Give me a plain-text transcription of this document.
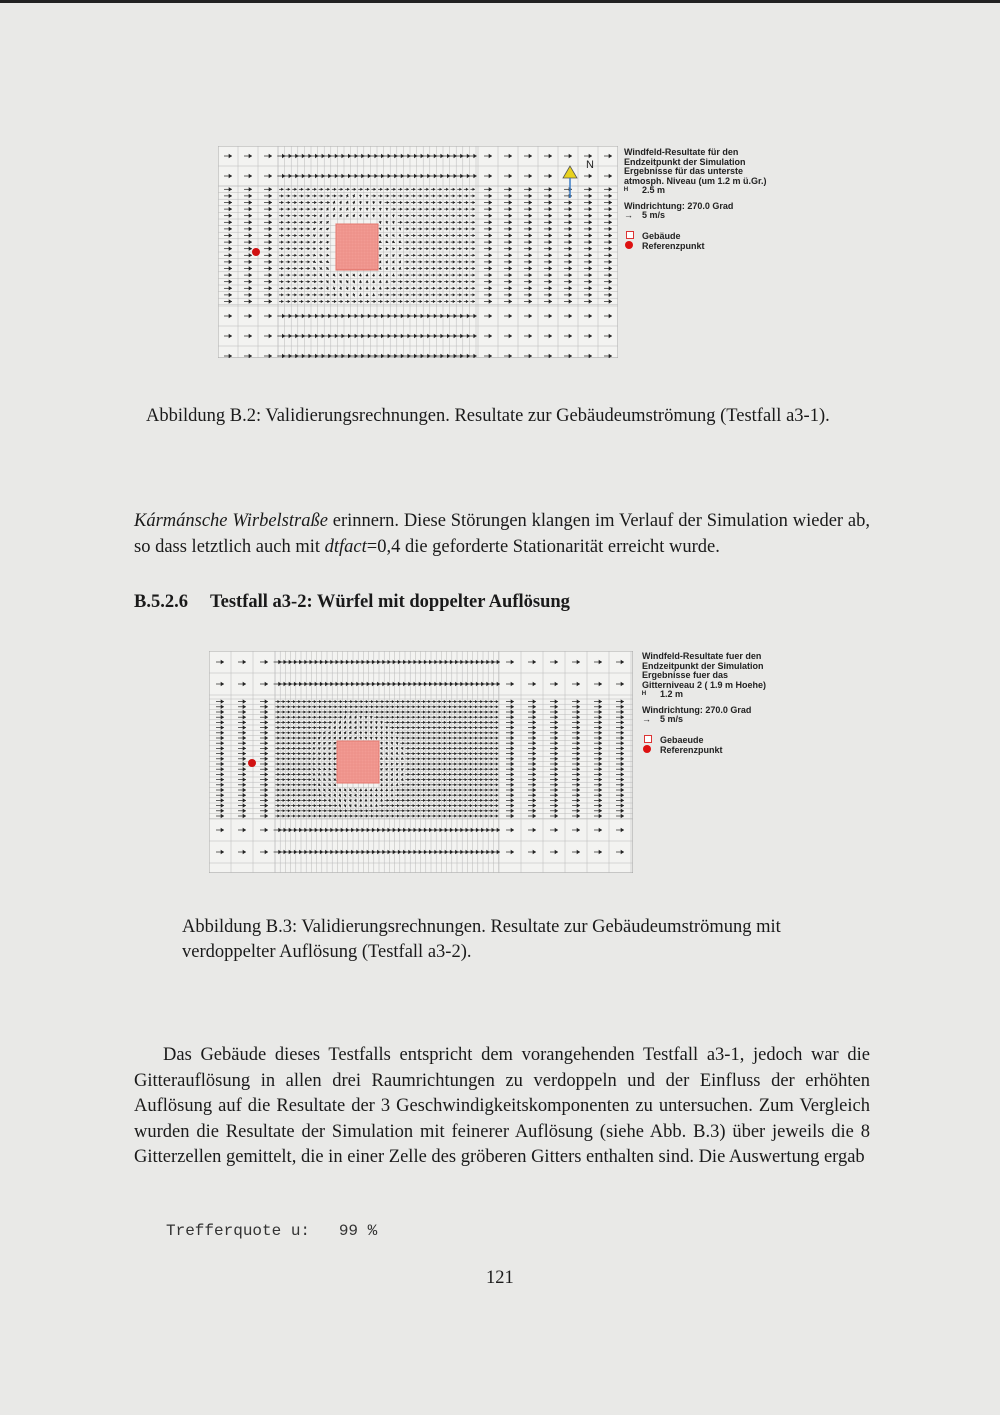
N
Windfeld-Resultate für den
Endzeitpunkt der Simulation
Ergebnisse für das unterste
atmosph. Niveau (um 1.2 m ü.Gr.)
ᴴ 2.5 m
Windrichtung: 270.0 Grad
→ 5 m/s
Gebäude
Referenzpunkt
Abbildung B.2: Validierungsrechnungen. Resultate zur Gebäudeumströmung (Testfall a3-1).
Kármánsche Wirbelstraße erinnern. Diese Störungen klangen im Verlauf der Simulation wieder ab, so dass letztlich auch mit dtfact=0,4 die geforderte Stationarität erreicht wurde.
B.5.2.6 Testfall a3-2: Würfel mit doppelter Auflösung
Windfeld-Resultate fuer den
Endzeitpunkt der Simulation
Ergebnisse fuer das
Gitterniveau 2 ( 1.9 m Hoehe)
ᴴ 1.2 m
Windrichtung: 270.0 Grad
→ 5 m/s
Gebaeude
Referenzpunkt
Abbildung B.3: Validierungsrechnungen. Resultate zur Gebäudeumströmung mit
verdoppelter Auflösung (Testfall a3-2).
Das Gebäude dieses Testfalls entspricht dem vorangehenden Testfall a3-1, jedoch war die Gitterauflösung in allen drei Raumrichtungen zu verdoppeln und der Einfluss der erhöhten Auflösung auf die Resultate der 3 Geschwindigkeitskomponenten zu untersuchen. Zum Vergleich wurden die Resultate der Simulation mit feinerer Auflösung (siehe Abb. B.3) über jeweils die 8 Gitterzellen gemittelt, die in einer Zelle des gröberen Gitters enthalten sind. Die Auswertung ergab
Trefferquote u:   99 %
121
